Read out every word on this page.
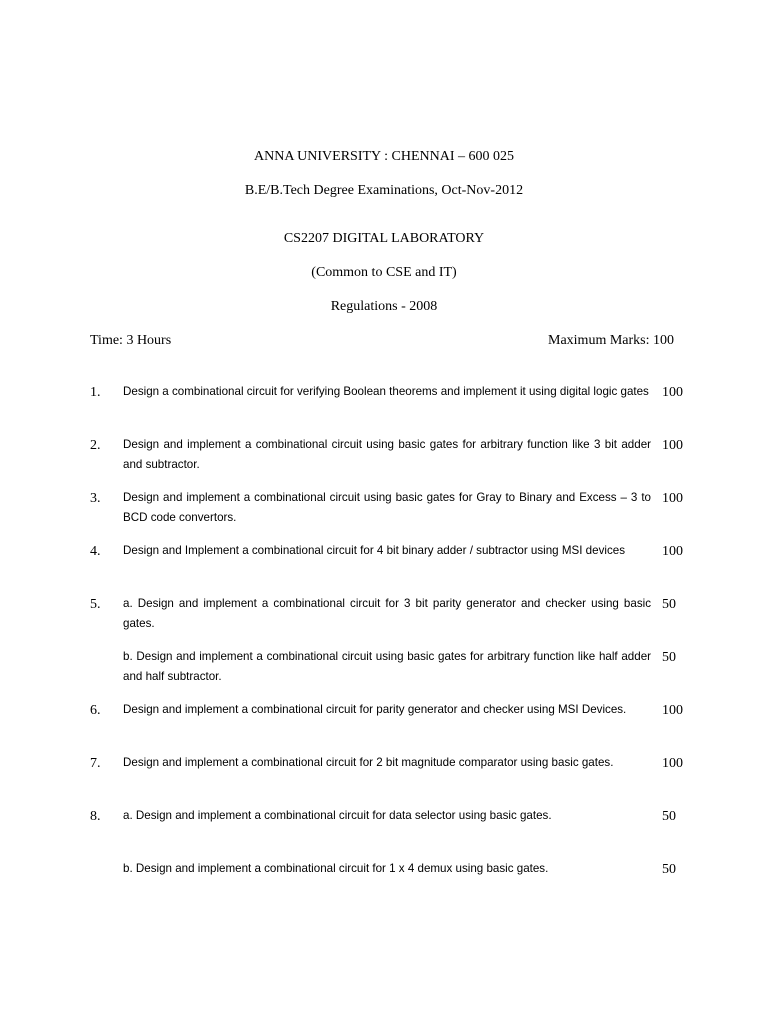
ANNA UNIVERSITY : CHENNAI – 600 025
B.E/B.Tech Degree Examinations, Oct-Nov-2012
CS2207 DIGITAL LABORATORY
(Common to CSE and IT)
Regulations - 2008
Time: 3 Hours	Maximum Marks: 100
1. Design a combinational circuit for verifying Boolean theorems and implement it using digital logic gates 100
2. Design and implement a combinational circuit using basic gates for arbitrary function like 3 bit adder and subtractor.
100
3. Design and implement a combinational circuit using basic gates for Gray to Binary and Excess – 3 to BCD code convertors.
100
4. Design and Implement a combinational circuit for 4 bit binary adder / subtractor using MSI devices	100
5. a. Design and implement a combinational circuit for 3 bit parity generator and checker using basic gates.
50
b. Design and implement a combinational circuit using basic gates for arbitrary function like half adder and half subtractor.
50
6. Design and implement a combinational circuit for parity generator and checker using MSI Devices.	100
7. Design and implement a combinational circuit for 2 bit magnitude comparator using basic gates.	100
8. a. Design and implement a combinational circuit for data selector using basic gates.	50
b. Design and implement a combinational circuit for 1 x 4 demux using basic gates.	50
